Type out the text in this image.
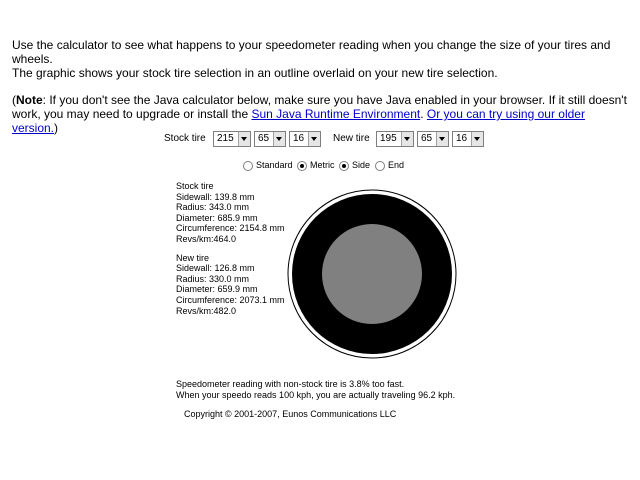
Use the calculator to see what happens to your speedometer reading when you change the size of your tires and wheels.
The graphic shows your stock tire selection in an outline overlaid on your new tire selection.

(Note: If you don't see the Java calculator below, make sure you have Java enabled in your browser. If it still doesn't work, you may need to upgrade or install the Sun Java Runtime Environment. Or you can try using our older version.)

Stock tire 215 65 16	New tire 195 65 16
Standard Metric Side End
Stock tire
Sidewall: 139.8 mm
Radius: 343.0 mm
Diameter: 685.9 mm
Circumference: 2154.8 mm
Revs/km:464.0
New tire
Sidewall: 126.8 mm
Radius: 330.0 mm
Diameter: 659.9 mm
Circumference: 2073.1 mm
Revs/km:482.0
Speedometer reading with non-stock tire is 3.8% too fast.
When your speedo reads 100 kph, you are actually traveling 96.2 kph.
Copyright © 2001-2007, Eunos Communications LLC
